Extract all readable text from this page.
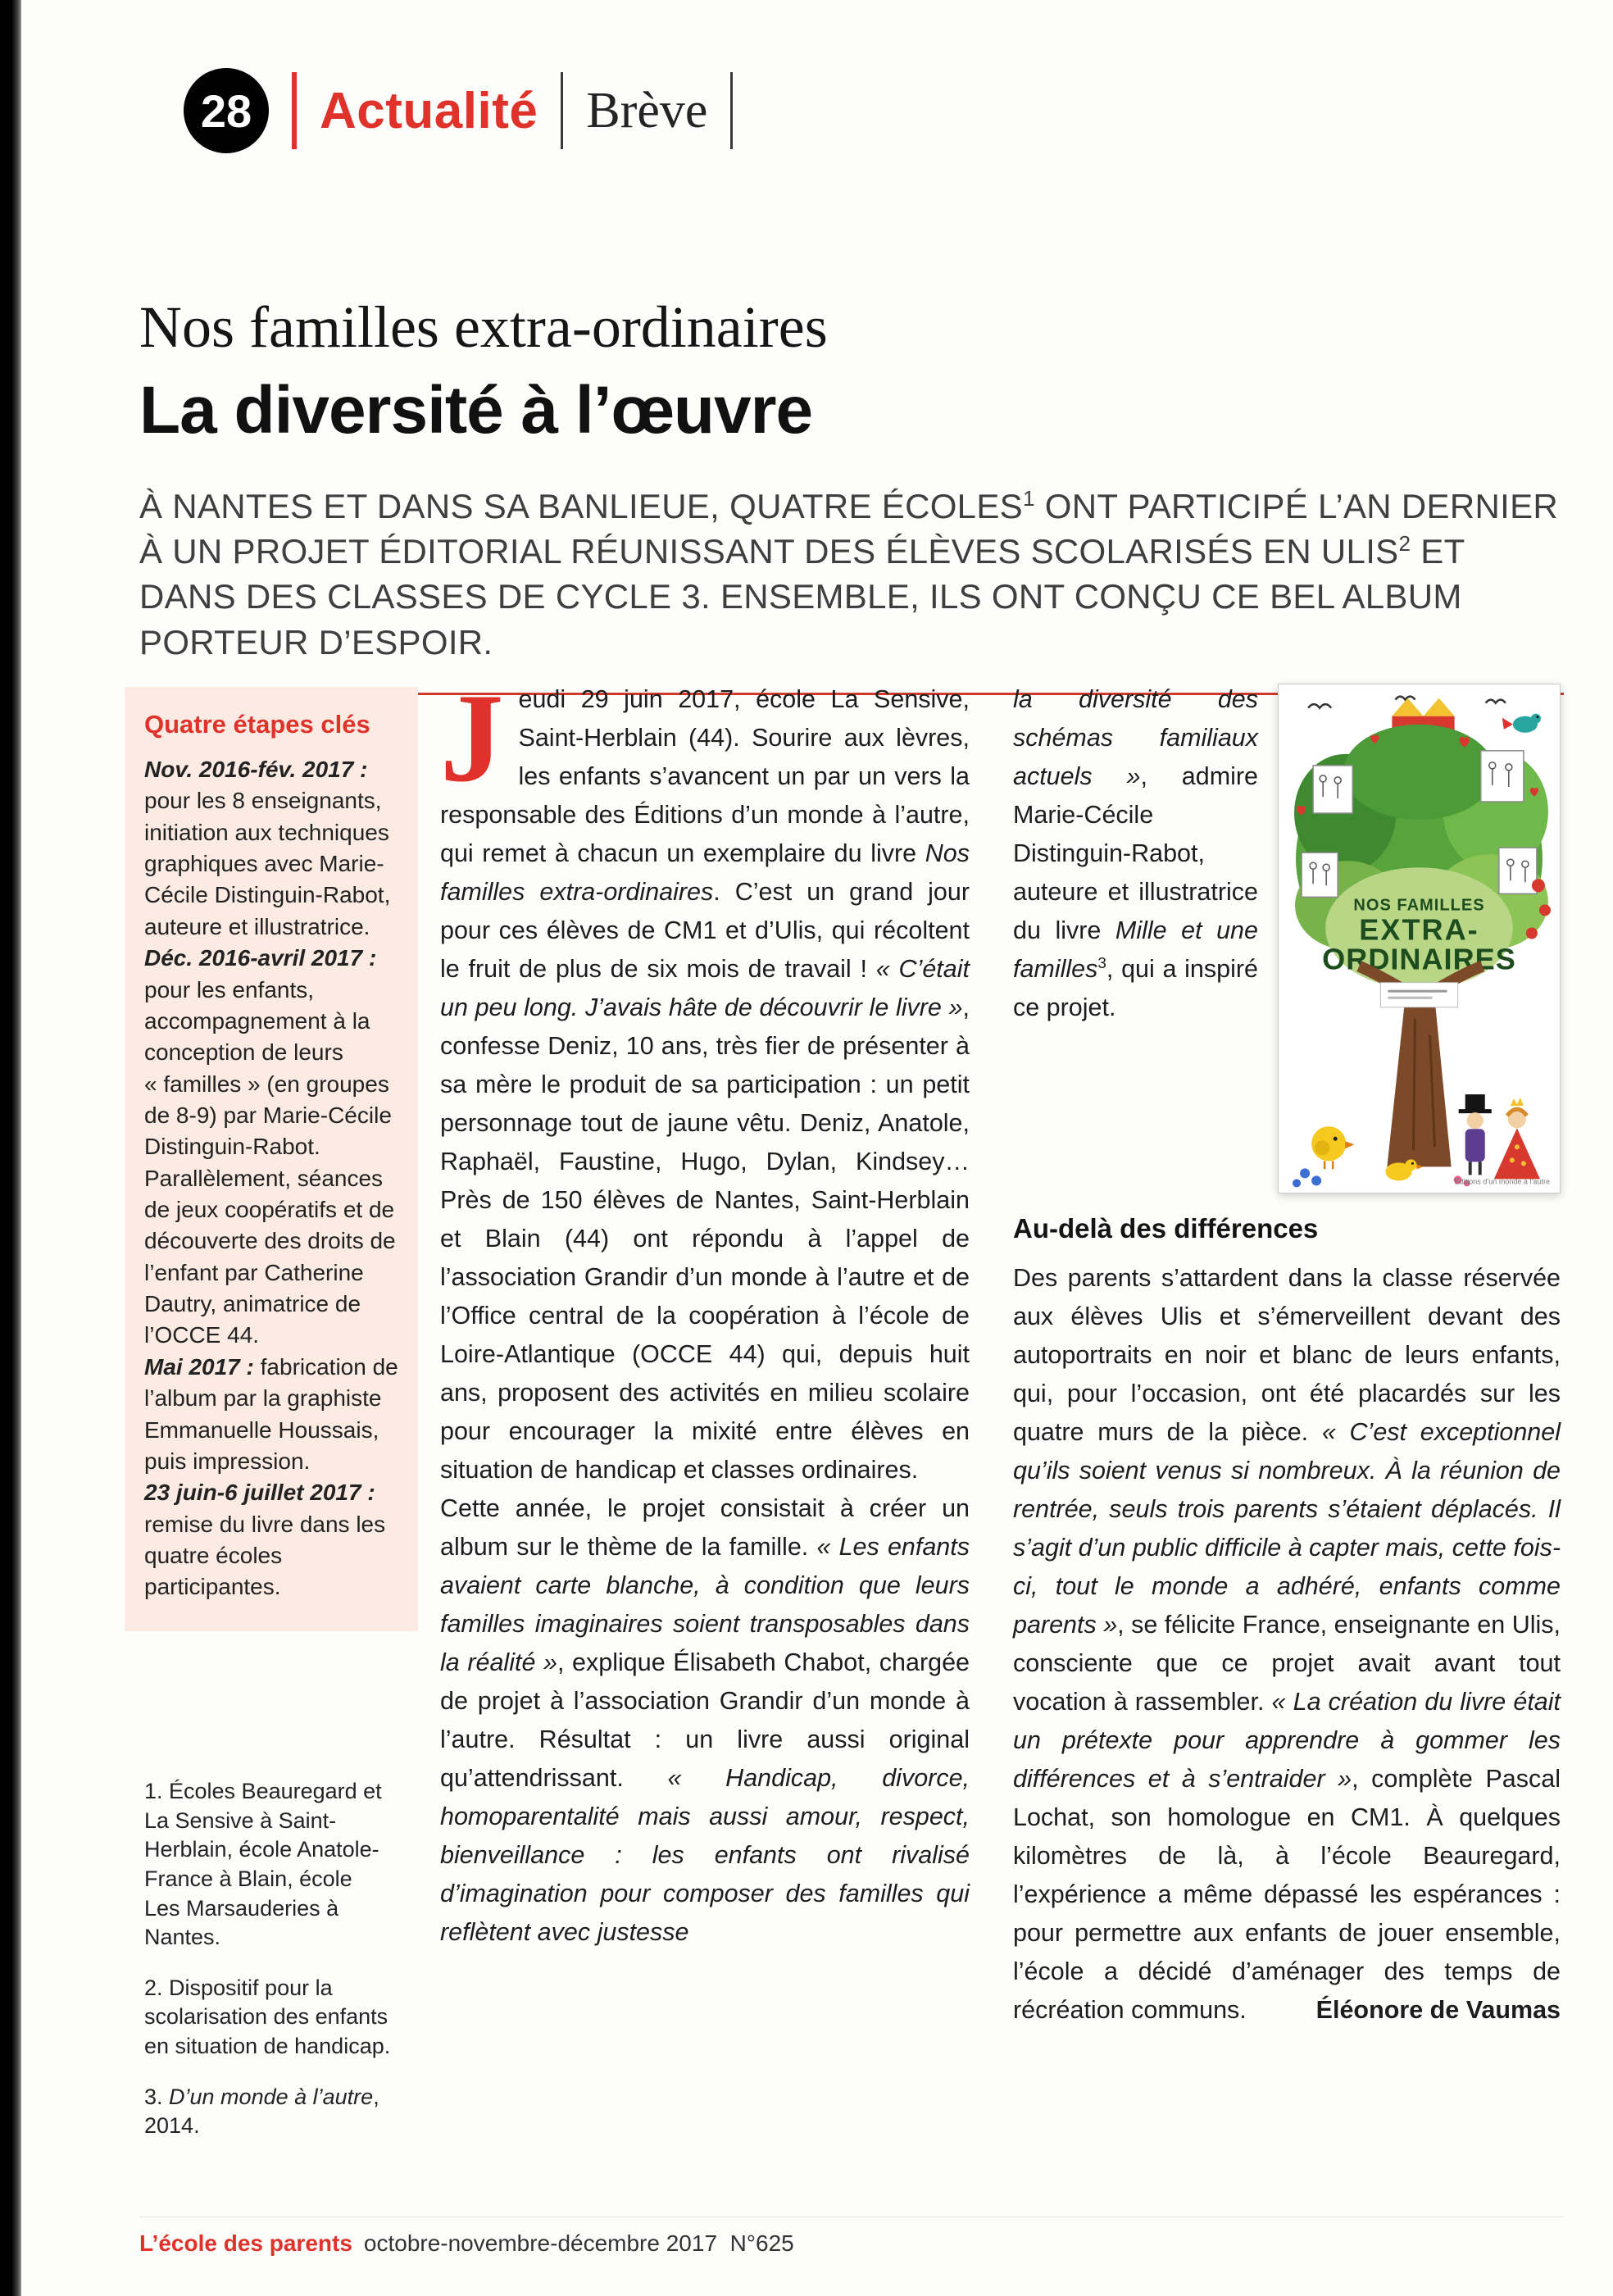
28 Actualité Brève
Nos familles extra-ordinaires
La diversité à l’œuvre

À NANTES ET DANS SA BANLIEUE, QUATRE ÉCOLES$^1$ ONT PARTICIPÉ L’AN DERNIER À UN PROJET ÉDITORIAL RÉUNISSANT DES ÉLÈVES SCOLARISÉS EN ULIS$^2$ ET DANS DES CLASSES DE CYCLE 3. ENSEMBLE, ILS ONT CONÇU CE BEL ALBUM PORTEUR D’ESPOIR.

Quatre étapes clés
Nov. 2016-fév. 2017 : pour les 8 enseignants, initiation aux techniques graphiques avec Marie-Cécile Distinguin-Rabot, auteure et illustratrice.
Déc. 2016-avril 2017 : pour les enfants, accompagnement à la conception de leurs « familles » (en groupes de 8-9) par Marie-Cécile Distinguin-Rabot. Parallèlement, séances de jeux coopératifs et de découverte des droits de l’enfant par Catherine Dautry, animatrice de l’OCCE 44.
Mai 2017 : fabrication de l’album par la graphiste Emmanuelle Houssais, puis impression.
23 juin-6 juillet 2017 : remise du livre dans les quatre écoles participantes.

1. Écoles Beauregard et La Sensive à Saint-Herblain, école Anatole-France à Blain, école Les Marsauderies à Nantes.

2. Dispositif pour la scolarisation des enfants en situation de handicap.

3. D’un monde à l’autre, 2014.

Jeudi 29 juin 2017, école La Sensive, Saint-Herblain (44). Sourire aux lèvres, les enfants s’avancent un par un vers la responsable des Éditions d’un monde à l’autre, qui remet à chacun un exemplaire du livre Nos familles extra-ordinaires. C’est un grand jour pour ces élèves de CM1 et d’Ulis, qui récoltent le fruit de plus de six mois de travail ! « C’était un peu long. J’avais hâte de découvrir le livre », confesse Deniz, 10 ans, très fier de présenter à sa mère le produit de sa participation : un petit personnage tout de jaune vêtu. Deniz, Anatole, Raphaël, Faustine, Hugo, Dylan, Kindsey… Près de 150 élèves de Nantes, Saint-Herblain et Blain (44) ont répondu à l’appel de l’association Grandir d’un monde à l’autre et de l’Office central de la coopération à l’école de Loire-Atlantique (OCCE 44) qui, depuis huit ans, proposent des activités en milieu scolaire pour encourager la mixité entre élèves en situation de handicap et classes ordinaires.

Cette année, le projet consistait à créer un album sur le thème de la famille. « Les enfants avaient carte blanche, à condition que leurs familles imaginaires soient transposables dans la réalité », explique Élisabeth Chabot, chargée de projet à l’association Grandir d’un monde à l’autre. Résultat : un livre aussi original qu’attendrissant. « Handicap, divorce, homoparentalité mais aussi amour, respect, bienveillance : les enfants ont rivalisé d’imagination pour composer des familles qui reflètent avec justesse

NOS FAMILLES
EXTRA-
ORDINAIRES
Éditions d’un monde à l’autre

la diversité des schémas familiaux actuels », admire Marie-Cécile Distinguin-Rabot, auteure et illustratrice du livre Mille et une familles$^3$, qui a inspiré ce projet.

Au-delà des différences

Des parents s’attardent dans la classe réservée aux élèves Ulis et s’émerveillent devant des autoportraits en noir et blanc de leurs enfants, qui, pour l’occasion, ont été placardés sur les quatre murs de la pièce. « C’est exceptionnel qu’ils soient venus si nombreux. À la réunion de rentrée, seuls trois parents s’étaient déplacés. Il s’agit d’un public difficile à capter mais, cette fois-ci, tout le monde a adhéré, enfants comme parents », se félicite France, enseignante en Ulis, consciente que ce projet avait avant tout vocation à rassembler. « La création du livre était un prétexte pour apprendre à gommer les différences et à s’entraider », complète Pascal Lochat, son homologue en CM1. À quelques kilomètres de là, à l’école Beauregard, l’expérience a même dépassé les espérances : pour permettre aux enfants de jouer ensemble, l’école a décidé d’aménager des temps de récréation communs.	Éléonore de Vaumas

L’école des parents octobre-novembre-décembre 2017  N°625
